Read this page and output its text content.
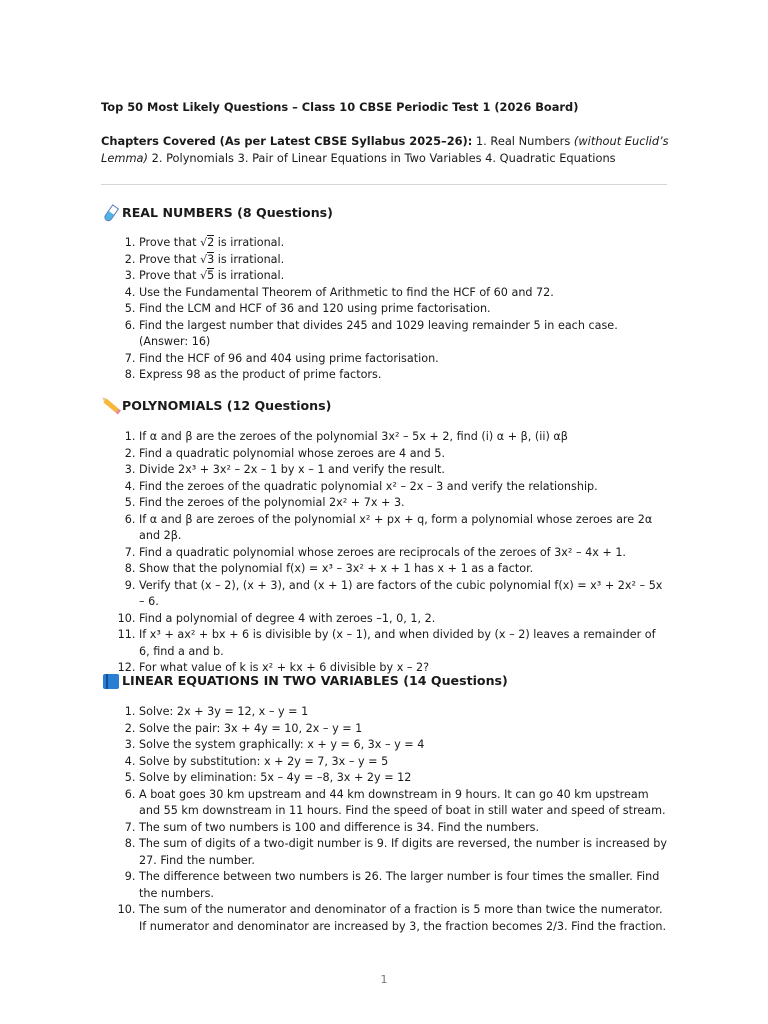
Top 50 Most Likely Questions – Class 10 CBSE Periodic Test 1 (2026 Board)

Chapters Covered (As per Latest CBSE Syllabus 2025–26): 1. Real Numbers (without Euclid’s Lemma) 2. Polynomials 3. Pair of Linear Equations in Two Variables 4. Quadratic Equations

REAL NUMBERS (8 Questions)
1. Prove that √2 is irrational.
2. Prove that √3 is irrational.
3. Prove that √5 is irrational.
4. Use the Fundamental Theorem of Arithmetic to find the HCF of 60 and 72.
5. Find the LCM and HCF of 36 and 120 using prime factorisation.
6. Find the largest number that divides 245 and 1029 leaving remainder 5 in each case. (Answer: 16)
7. Find the HCF of 96 and 404 using prime factorisation.
8. Express 98 as the product of prime factors.
POLYNOMIALS (12 Questions)
1. If α and β are the zeroes of the polynomial 3x² – 5x + 2, find (i) α + β, (ii) αβ
2. Find a quadratic polynomial whose zeroes are 4 and 5.
3. Divide 2x³ + 3x² – 2x – 1 by x – 1 and verify the result.
4. Find the zeroes of the quadratic polynomial x² – 2x – 3 and verify the relationship.
5. Find the zeroes of the polynomial 2x² + 7x + 3.
6. If α and β are zeroes of the polynomial x² + px + q, form a polynomial whose zeroes are 2α and 2β.
7. Find a quadratic polynomial whose zeroes are reciprocals of the zeroes of 3x² – 4x + 1.
8. Show that the polynomial f(x) = x³ – 3x² + x + 1 has x + 1 as a factor.
9. Verify that (x – 2), (x + 3), and (x + 1) are factors of the cubic polynomial f(x) = x³ + 2x² – 5x – 6.
10. Find a polynomial of degree 4 with zeroes –1, 0, 1, 2.
11. If x³ + ax² + bx + 6 is divisible by (x – 1), and when divided by (x – 2) leaves a remainder of 6, find a and b.
12. For what value of k is x² + kx + 6 divisible by x – 2?
LINEAR EQUATIONS IN TWO VARIABLES (14 Questions)
1. Solve: 2x + 3y = 12, x – y = 1
2. Solve the pair: 3x + 4y = 10, 2x – y = 1
3. Solve the system graphically: x + y = 6, 3x – y = 4
4. Solve by substitution: x + 2y = 7, 3x – y = 5
5. Solve by elimination: 5x – 4y = –8, 3x + 2y = 12
6. A boat goes 30 km upstream and 44 km downstream in 9 hours. It can go 40 km upstream and 55 km downstream in 11 hours. Find the speed of boat in still water and speed of stream.
7. The sum of two numbers is 100 and difference is 34. Find the numbers.
8. The sum of digits of a two-digit number is 9. If digits are reversed, the number is increased by 27. Find the number.
9. The difference between two numbers is 26. The larger number is four times the smaller. Find the numbers.
10. The sum of the numerator and denominator of a fraction is 5 more than twice the numerator. If numerator and denominator are increased by 3, the fraction becomes 2/3. Find the fraction.
1
